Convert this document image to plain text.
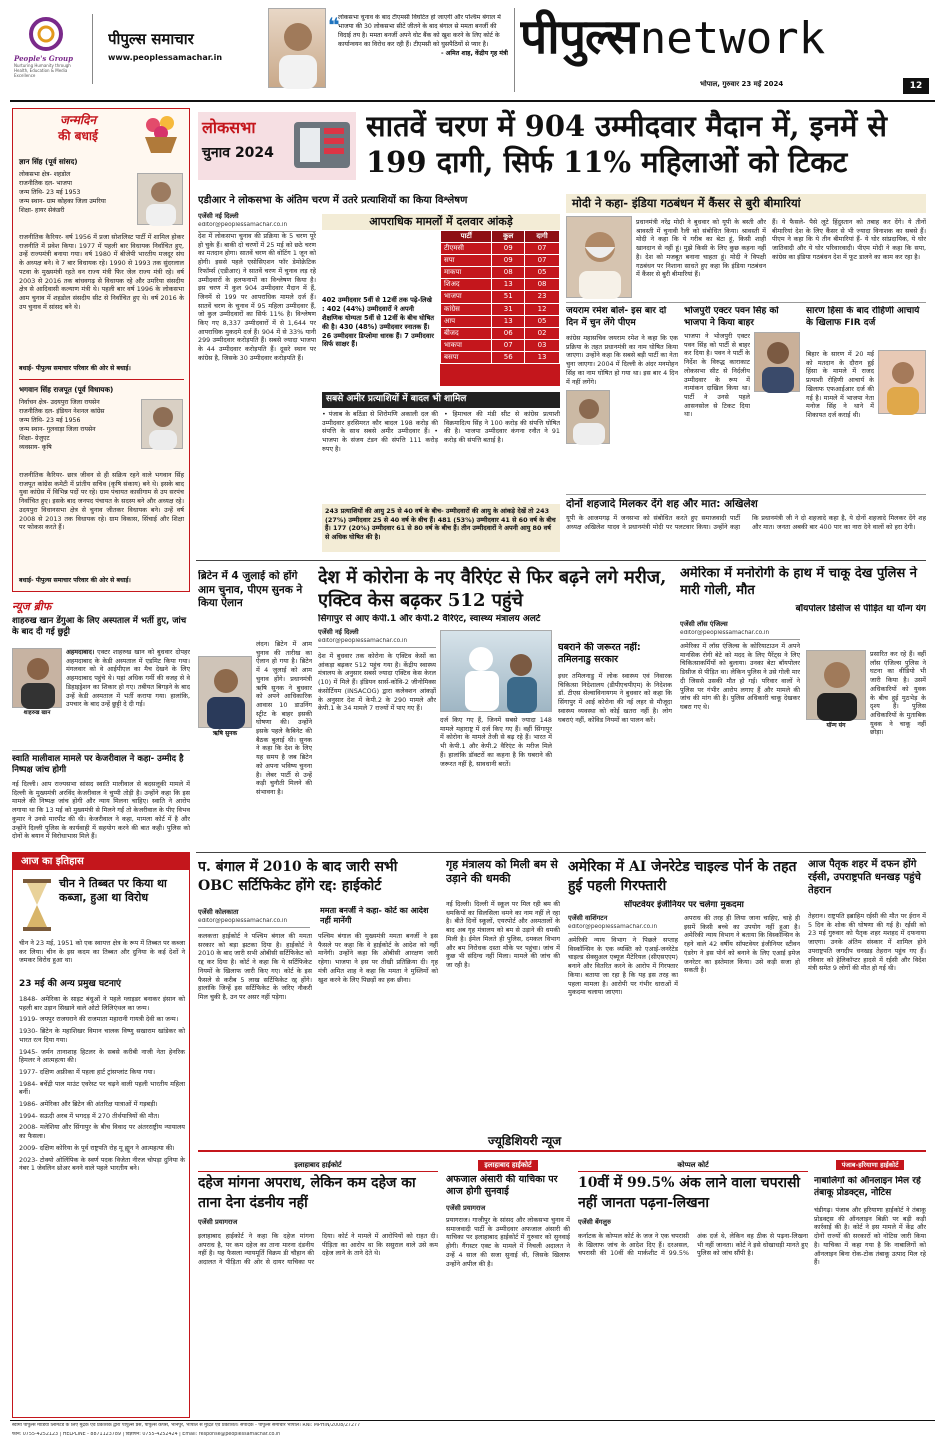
People's Group
Nurturing Humanity through Health, Education & Media Excellence
पीपुल्स समाचार
www.peoplessamachar.in
❝
लोकसभा चुनाव के बाद टीएमसी विघटित हो जाएगी और पश्चिम बंगाल में भाजपा की 30 लोकसभा सीटें जीतने के बाद बंगाल से ममता बनर्जी की विदाई तय है। ममता बनर्जी अपने वोट बैंक को खुश करने के लिए कोर्ट के कार्यान्वयन का विरोध कर रही हैं। टीएमसी को घुसपैठियों से प्यार है।
- अमित शाह, केंद्रीय गृह मंत्री पीपुल्स network
भोपाल, गुरुवार 23 मई 2024	12
जन्मदिन
की बधाई
ज्ञान सिंह (पूर्व सांसद)
लोकसभा क्षेत्र- शहडोल
राजनीतिक दल- भाजपा
जन्म तिथि- 23 मई 1953
जन्म स्थान- ग्राम कोहका जिला उमरिया
शिक्षा- हायर सेकंडरी
राजनीतिक कैरियर- वर्ष 1956 में प्रजा सोशलिस्ट पार्टी में शामिल होकर राजनीति में प्रवेश किया। 1977 में पहली बार विधायक निर्वाचित हुए, उन्हें राज्यमंत्री बनाया गया। वर्ष 1980 में बीजेपी भारतीय मजदूर संघ के अध्यक्ष बने। वे 7 बार विधायक रहे। 1990 से 1993 तक सुंदरलाल पटवा के मुख्यमंत्री रहते वन राज्य मंत्री फिर जेल राज्य मंत्री रहे। वर्ष 2003 से 2016 तक बांधवगढ़ से विधायक रहे और उमरिया संसदीय क्षेत्र से आदिवासी कल्याण मंत्री थे। पहली बार वर्ष 1996 के लोकसभा आम चुनाव में शहडोल संसदीय सीट से निर्वाचित हुए थे। वर्ष 2016 के उप चुनाव में सांसद बने थे।
बधाई- पीपुल्स समाचार परिवार की ओर से बधाई।
भगवान सिंह राजपूत (पूर्व विधायक)
निर्वाचन क्षेत्र- उदयपुरा जिला रायसेन
राजनीतिक दल- इंडियन नेशनल कांग्रेस
जन्म तिथि- 23 मई 1956
जन्म स्थान- गुलवाड़ा जिला रायसेन
शिक्षा- ग्रेजुएट
व्यवसाय- कृषि
राजनीतिक कैरियर- छात्र जीवन से ही सक्रिय रहने वाले भगवान सिंह राजपूत कांग्रेस कमेटी में प्रांतीय सचिव (कृषि संकाय) बने थे। इसके बाद युवा कांग्रेस में विभिन्न पदों पर रहे। ग्राम पंचायत कासीगाम से उप सरपंच निर्वाचित हुए। इसके बाद जनपद पंचायत के सदस्य बने और अध्यक्ष रहे। उदयपुरा विधानसभा क्षेत्र से चुनाव जीतकर विधायक बने। उन्हें वर्ष 2008 से 2013 तक विधायक रहे। ग्राम विकास, सिंचाई और शिक्षा पर फोकस करते हैं।
बधाई- पीपुल्स समाचार परिवार की ओर से बधाई।
न्यूज ब्रीफ
शाहरुख खान डेंगुआ के लिए अस्पताल में भर्ती हुए, जांच के बाद दी गई छुट्टी
शाहरुख खान
अहमदाबाद। एक्टर शाहरुख खान को बुधवार दोपहर अहमदाबाद के केडी अस्पताल में एडमिट किया गया। मंगलवार को वे आईपीएल का मैच देखने के लिए अहमदाबाद पहुंचे थे। यहां अधिक गर्मी की वजह से वे डिहाइड्रेशन का शिकार हो गए। तबीयत बिगड़ने के बाद उन्हें केडी अस्पताल में भर्ती कराया गया। हालांकि, उपचार के बाद उन्हें छुट्टी दे दी गई।
स्वाति मालीवाल मामले पर केजरीवाल ने कहा- उम्मीद है निष्पक्ष जांच होगी
नई दिल्ली। आप राज्यसभा सांसद स्वाति मालीवाल से बदसलूकी मामले में दिल्ली के मुख्यमंत्री अरविंद केजरीवाल ने चुप्पी तोड़ी है। उन्होंने कहा कि इस मामले की निष्पक्ष जांच होगी और न्याय मिलना चाहिए। स्वाति ने आरोप लगाया था कि 13 मई को मुख्यमंत्री से मिलने गईं तो केजरीवाल के पीए विभव कुमार ने उनसे मारपीट की थी। केजरीवाल ने कहा, मामला कोर्ट में है और उन्होंने दिल्ली पुलिस के कार्यवाही में सहयोग करने की बात कही। पुलिस को दोनों के बयान में विरोधाभास मिले हैं।
आज का इतिहास
चीन ने तिब्बत पर किया था कब्जा, हुआ था विरोध
चीन ने 23 मई, 1951 को एक स्वायत्त क्षेत्र के रूप में तिब्बत पर कब्जा कर लिया। चीन के इस कदम का तिब्बत और दुनिया के कई देशों ने जमकर विरोध हुआ था।
23 मई की अन्य प्रमुख घटनाएं
1848- अमेरिका के साइट बंधुओं ने पहले ग्लाइडर बनाकर इंसान को पहली बार उड़ान सिखाने वाले ओटो लिलिएंथल का जन्म।
1919- जयपुर राजघराने की राजमाता महारानी गायत्री देवी का जन्म।
1930- ब्रिटेन के महाशिखर विमान चालक विष्णु सखाराम खांडेकर को भारत रत्न दिया गया।
1945- जर्मन तानाशाह हिटलर के सबसे करीबी नाजी नेता हेनरिक हिमलर ने आत्महत्या की।
1977- दक्षिण अफ्रीका में पहला हार्ट ट्रांसप्लांट किया गया।
1984- बचेंद्री पाल माउंट एवरेस्ट पर चढ़ने वाली पहली भारतीय महिला बनीं।
1986- अमेरिका और ब्रिटेन की अंतरिक्ष यात्राओं में गड़बड़ी।
1994- सऊदी अरब में भगदड़ में 270 तीर्थयात्रियों की मौत।
2008- मलेशिया और सिंगापुर के बीच विवाद पर अंतरराष्ट्रीय न्यायालय का फैसला।
2009- दक्षिण कोरिया के पूर्व राष्ट्रपति रोह मू ह्यून ने आत्महत्या की।
2023- टोक्यो ओलिंपिक के स्वर्ण पदक विजेता नीरज चोपड़ा दुनिया के नंबर 1 जेवलिन थ्रोअर बनने वाले पहले भारतीय बने।
लोकसभा
चुनाव 2024
सातवें चरण में 904 उम्मीदवार मैदान में, इनमें से 199 दागी, सिर्फ 11% महिलाओं को टिकट
एडीआर ने लोकसभा के अंतिम चरण में उतरे प्रत्याशियों का किया विश्लेषण
एजेंसी नई दिल्ली
editor@peoplessamachar.co.in
देश में लोकसभा चुनाव की प्रक्रिया के 5 चरण पूरे हो चुके हैं। बाकी दो चरणों में 25 मई को छठे चरण का मतदान होगा। सातवें चरण की वोटिंग 1 जून को होगी। इससे पहले एसोसिएशन फॉर डेमोक्रेटिक रिफॉर्म्स (एडीआर) ने सातवें चरण में चुनाव लड़ रहे उम्मीदवारों के हलफनामों का विश्लेषण किया है। इस चरण में कुल 904 उम्मीदवार मैदान में हैं, जिनमें से 199 पर आपराधिक मामले दर्ज हैं। सातवें चरण के चुनाव में 95 महिला उम्मीदवार हैं, जो कुल उम्मीदवारों का सिर्फ 11% है। विश्लेषण किए गए 8,337 उम्मीदवारों में से 1,644 पर आपराधिक मुकदमे दर्ज हैं। 904 में से 33% यानी 299 उम्मीदवार करोड़पति हैं। सबसे ज्यादा भाजपा के 44 उम्मीदवार करोड़पति हैं। दूसरे स्थान पर कांग्रेस है, जिसके 30 उम्मीदवार करोड़पति हैं।
आपराधिक मामलों में दलवार आंकड़े
पार्टी	कुल	दागी
टीएमसी	09	07
सपा	09	07
माकपा	08	05
शिअद	13	08
भाजपा	51	23
कांग्रेस	31	12
आप	13	05
बीजद	06	02
भाकपा	07	03
बसपा	56	13
402 उम्मीदवार 5वीं से 12वीं तक पढ़े-लिखे : 402 (44%) उम्मीदवारों ने अपनी शैक्षणिक योग्यता 5वीं से 12वीं के बीच घोषित की है। 430 (48%) उम्मीदवार स्नातक हैं। 26 उम्मीदवार डिप्लोमा धारक हैं। 7 उम्मीदवार सिर्फ साक्षर हैं।
सबसे अमीर प्रत्याशियों में बादल भी शामिल
• पंजाब के बठिंडा से शिरोमणि अकाली दल की उम्मीदवार हरसिमरत कौर बादल 198 करोड़ की संपत्ति के साथ सबसे अमीर उम्मीदवार हैं। • भाजपा के संजय टंडन की संपत्ति 111 करोड़ रुपए है।
• हिमाचल की मंडी सीट से कांग्रेस प्रत्याशी विक्रमादित्य सिंह ने 100 करोड़ की संपत्ति घोषित की है। भाजपा उम्मीदवार कंगना रनौत ने 91 करोड़ की संपत्ति बताई है।
243 प्रत्याशियों की आयु 25 से 40 वर्ष के बीच- उम्मीदवारों की आयु के आंकड़े देखें तो 243 (27%) उम्मीदवार 25 से 40 वर्ष के बीच हैं। 481 (53%) उम्मीदवार 41 से 60 वर्ष के बीच हैं। 177 (20%) उम्मीदवार 61 से 80 वर्ष के बीच हैं। तीन उम्मीदवारों ने अपनी आयु 80 वर्ष से अधिक घोषित की है।
मोदी ने कहा- इंडिया गठबंधन में कैंसर से बुरी बीमारियां
प्रधानमंत्री नरेंद्र मोदी ने बुधवार को यूपी के बस्ती और श्रावस्ती में चुनावी रैली को संबोधित किया। श्रावस्ती में मोदी ने कहा कि ये गरीब का बेटा हूं, किसी शाही खानदान से नहीं हूं। मुझे किसी के लिए कुछ कहना नहीं है। देश को मजबूत बनाना चाहता हूं। मोदी ने विपक्षी गठबंधन पर निशाना साधते हुए कहा कि इंडिया गठबंधन में कैंसर से बुरी बीमारियां हैं।
हैं। ये फैसले- पैसे लूटे हिंदुस्तान को तबाह कर देंगे। ये तीनों बीमारियां देश के लिए कैंसर से भी ज्यादा विनाशक का सबसे हैं। पीएम ने कहा कि ये तीन बीमारियां हैं- ये घोर सांप्रदायिक, ये घोर जातिवादी और ये घोर परिवारवादी। पीएम मोदी ने कहा कि सपा, कांग्रेस का इंडिया गठबंधन देश में फूट डालने का काम कर रहा है।
जयराम रमेश बोले- इस बार दो दिन में चुन लेंगे पीएम
कांग्रेस महासचिव जयराम रमेश ने कहा कि एक प्रक्रिया के तहत प्रधानमंत्री का नाम घोषित किया जाएगा। उन्होंने कहा कि सबसे बड़ी पार्टी का नेता चुना जाएगा। 2004 में दिल्ली के अंदर मनमोहन सिंह का नाम घोषित हो गया था। इस बार 4 दिन में नहीं लगेंगे।
भोजपुरी एक्टर पवन सिंह को भाजपा ने किया बाहर
भाजपा ने भोजपुरी एक्टर पवन सिंह को पार्टी से बाहर कर दिया है। पवन ने पार्टी के निर्देश के विरुद्ध काराकाट लोकसभा सीट से निर्दलीय उम्मीदवार के रूप में नामांकन दाखिल किया था। पार्टी ने उनसे पहले आसनसोल से टिकट दिया था।
सारण हिंसा के बाद रोहिणी आचार्य के खिलाफ FIR दर्ज
बिहार के सारण में 20 मई को मतदान के दौरान हुई हिंसा के मामले में राजद प्रत्याशी रोहिणी आचार्य के खिलाफ एफआईआर दर्ज की गई है। मामले में भाजपा नेता मनोज सिंह ने थाने में शिकायत दर्ज कराई थी।
दोनों शहजादे मिलकर देंगे शह और मात: अखिलेश
यूपी के आजमगढ़ में जनसभा को संबोधित करते हुए समाजवादी पार्टी अध्यक्ष अखिलेश यादव ने प्रधानमंत्री मोदी पर पलटवार किया। उन्होंने कहा कि प्रधानमंत्री जी ने दो शहजादे कहा है, ये दोनों शहजादे मिलकर देंगे शह और मात। जनता अबकी बार 400 पार का नारा देने वालों को हरा देगी।
ब्रिटेन में 4 जुलाई को होंगे आम चुनाव, पीएम सुनक ने किया ऐलान
ऋषि सुनक
लंदन। ब्रिटेन में आम चुनाव की तारीख का ऐलान हो गया है। ब्रिटेन में 4 जुलाई को आम चुनाव होंगे। प्रधानमंत्री ऋषि सुनक ने बुधवार को अपने आधिकारिक आवास 10 डाउनिंग स्ट्रीट के बाहर इसकी घोषणा की। उन्होंने इसके पहले कैबिनेट की बैठक बुलाई थी। सुनक ने कहा कि देश के लिए यह समय है जब ब्रिटेन को अपना भविष्य चुनना है। लेबर पार्टी से उन्हें कड़ी चुनौती मिलने की संभावना है।
देश में कोरोना के नए वैरिएंट से फिर बढ़ने लगे मरीज, एक्टिव केस बढ़कर 512 पहुंचे
सिंगापुर से आए केपी.1 और केपी.2 वैरिएंट, स्वास्थ्य मंत्रालय अलर्ट
एजेंसी नई दिल्ली
editor@peoplessamachar.co.in
देश में बुधवार तक कोरोना के एक्टिव केसों का आंकड़ा बढ़कर 512 पहुंच गया है। केंद्रीय स्वास्थ्य मंत्रालय के अनुसार सबसे ज्यादा एक्टिव केस केरल (10) में मिले हैं। इंडियन सार्स-कोवि-2 जीनोमिक्स कंसोर्टियम (INSACOG) द्वारा कलेक्शन आंकड़ों के अनुसार देश में केपी.2 के 290 मामले और केपी.1 के 34 मामले 7 राज्यों में पाए गए हैं।
दर्ज किए गए हैं, जिनमें सबसे ज्यादा 148 मामले महाराष्ट्र में दर्ज किए गए हैं। वहीं सिंगापुर में कोरोना के मामले तेजी से बढ़ रहे हैं। भारत में भी केपी.1 और केपी.2 वैरिएंट के मरीज मिले हैं। हालांकि डॉक्टरों का कहना है कि घबराने की जरूरत नहीं है, सावधानी बरतें।
घबराने की जरूरत नहीं: तमिलनाडु सरकार
इधर तमिलनाडु में लोक स्वास्थ्य एवं निवारक चिकित्सा निदेशालय (डीपीएचपीएम) के निदेशक डॉ. टीएस सेल्वाविनायगम ने बुधवार को कहा कि सिंगापुर में आई कोरोना की नई लहर से मौजूदा स्वास्थ्य व्यवस्था को कोई खतरा नहीं है। लोग घबराएं नहीं, कोविड नियमों का पालन करें।
अमेरिका में मनोरोगी के हाथ में चाकू देख पुलिस ने मारी गोली, मौत
बॉयपोलर डिसीज से पीड़ित था यॉन्ग यंग
एजेंसी लॉस एंजिल्स
editor@peoplessamachar.co.in
अमेरिका में लॉस एंजिल्स के कोरियाटाउन में अपने मानसिक रोगी बेटे को मदद के लिए पैरेंट्स ने लिए चिकित्साकर्मियों को बुलाया। उनका बेटा बॉयपोलर डिसीज से पीड़ित था। लेकिन पुलिस ने उसे गोली मार दी जिससे उसकी मौत हो गई। परिवार वालों ने पुलिस पर गंभीर आरोप लगाए हैं और मामले की जांच की मांग की है। पुलिस अधिकारी चाकू देखकर घबरा गए थे।
यॉन्ग यंग
प्रसारित कर रहे हैं। वहीं लॉस एंजिल्स पुलिस ने घटना का वीडियो भी जारी किया है। उसमें अधिकारियों को युवक के बीच हुई मुठभेड़ के दृश्य हैं। पुलिस अधिकारियों के मुताबिक युवक ने चाकू नहीं छोड़ा।
प. बंगाल में 2010 के बाद जारी सभी OBC सर्टिफिकेट होंगे रद्द: हाईकोर्ट
एजेंसी कोलकाता
editor@peoplessamachar.co.in
ममता बनर्जी ने कहा- कोर्ट का आदेश नहीं मानेंगी
कलकत्ता हाईकोर्ट ने पश्चिम बंगाल की ममता सरकार को बड़ा झटका दिया है। हाईकोर्ट ने 2010 के बाद जारी सभी ओबीसी सर्टिफिकेट को रद्द कर दिया है। कोर्ट ने कहा कि ये सर्टिफिकेट नियमों के खिलाफ जारी किए गए। कोर्ट के इस फैसले से करीब 5 लाख सर्टिफिकेट रद्द होंगे। हालांकि जिन्हें इस सर्टिफिकेट के जरिए नौकरी मिल चुकी है, उन पर असर नहीं पड़ेगा।
पश्चिम बंगाल की मुख्यमंत्री ममता बनर्जी ने इस फैसले पर कहा कि वे हाईकोर्ट के आदेश को नहीं मानेंगी। उन्होंने कहा कि ओबीसी आरक्षण जारी रहेगा। भाजपा ने इस पर तीखी प्रतिक्रिया दी। गृह मंत्री अमित शाह ने कहा कि ममता ने मुस्लिमों को खुश करने के लिए पिछड़ों का हक छीना।
गृह मंत्रालय को मिली बम से उड़ाने की धमकी
नई दिल्ली। दिल्ली में स्कूल पर मिल रही बम की धमकियों का सिलसिला थमने का नाम नहीं ले रहा है। बीते दिनों स्कूलों, एयरपोर्ट और अस्पतालों के बाद अब गृह मंत्रालय को बम से उड़ाने की धमकी मिली है। ईमेल मिलते ही पुलिस, दमकल विभाग और बम निरोधक दस्ता मौके पर पहुंचा। जांच में कुछ भी संदिग्ध नहीं मिला। मामले की जांच की जा रही है।
अमेरिका में AI जेनरेटेड चाइल्ड पोर्न के तहत हुई पहली गिरफ्तारी
सॉफ्टवेयर इंजीनियर पर चलेगा मुकदमा
एजेंसी वाशिंगटन
editor@peoplessamachar.co.in
अमेरिकी न्याय विभाग ने पिछले सप्ताह विस्कॉन्सिन के एक व्यक्ति को एआई-जनरेटेड चाइल्ड सेक्सुअल एब्यूज मैटेरियल (सीएसएएम) बनाने और वितरित करने के आरोप में गिरफ्तार किया। बताया जा रहा है कि यह इस तरह का पहला मामला है। आरोपी पर गंभीर धाराओं में मुकदमा चलाया जाएगा।
अपराध की तरह ही लिया जाना चाहिए, चाहे ही इसमें किसी बच्चे का उपयोग नहीं हुआ है। अमेरिकी न्याय विभाग ने बताया कि विस्कॉन्सिन के रहने वाले 42 वर्षीय सॉफ्टवेयर इंजीनियर स्टीवन एंडरेग ने इस पोर्न को बनाने के लिए एआई इमेज जनरेटर का इस्तेमाल किया। उसे कड़ी सजा हो सकती है।
आज पैतृक शहर में दफन होंगे रईसी, उपराष्ट्रपति धनखड़ पहुंचे तेहरान
तेहरान। राष्ट्रपति इब्राहिम रईसी की मौत पर ईरान में 5 दिन के शोक की घोषणा की गई है। रईसी को 23 मई गुरुवार को पैतृक शहर मशहद में दफनाया जाएगा। उनके अंतिम संस्कार में शामिल होने उपराष्ट्रपति जगदीप धनखड़ तेहरान पहुंच गए हैं। रविवार को हेलिकॉप्टर हादसे में रईसी और विदेश मंत्री समेत 9 लोगों की मौत हो गई थी।
ज्यूडिशियरी न्यूज
इलाहाबाद हाईकोर्ट
दहेज मांगना अपराध, लेकिन कम दहेज का ताना देना दंडनीय नहीं
एजेंसी प्रयागराज
इलाहाबाद हाईकोर्ट ने कहा कि दहेज मांगना अपराध है, पर कम दहेज का ताना मारना दंडनीय नहीं है। यह फैसला न्यायमूर्ति विक्रम डी चौहान की अदालत ने पीड़िता की ओर से दायर याचिका पर दिया। कोर्ट ने मामले में आरोपियों को राहत दी। पीड़िता का आरोप था कि ससुराल वाले उसे कम दहेज लाने के ताने देते थे।
इलाहाबाद हाईकोर्ट
अफजाल अंसारी की याचिका पर आज होगी सुनवाई
एजेंसी प्रयागराज
प्रयागराज। गाजीपुर के सांसद और लोकसभा चुनाव में समाजवादी पार्टी के उम्मीदवार अफजाल अंसारी की याचिका पर इलाहाबाद हाईकोर्ट में गुरुवार को सुनवाई होगी। गैंगस्टर एक्ट के मामले में निचली अदालत ने उन्हें 4 साल की सजा सुनाई थी, जिसके खिलाफ उन्होंने अपील की है।
कोप्पल कोर्ट
10वीं में 99.5% अंक लाने वाला चपरासी नहीं जानता पढ़ना-लिखना
एजेंसी बेंगलुरु
कर्नाटक के कोप्पल कोर्ट के जज ने एक चपरासी के खिलाफ जांच के आदेश दिए हैं। दरअसल, चपरासी की 10वीं की मार्कशीट में 99.5% अंक दर्ज थे, लेकिन वह ठीक से पढ़ना-लिखना भी नहीं जानता। कोर्ट ने इसे धोखाधड़ी मानते हुए पुलिस को जांच सौंपी है।
पंजाब-हरियाणा हाईकोर्ट
नाबालिगों को ऑनलाइन मिल रहे तंबाकू प्रोडक्ट्स, नोटिस
चंडीगढ़। पंजाब और हरियाणा हाईकोर्ट ने तंबाकू प्रोडक्ट्स की ऑनलाइन बिक्री पर बड़ी कड़ी कार्रवाई की है। कोर्ट ने इस मामले में केंद्र और दोनों राज्यों की सरकारों को नोटिस जारी किया है। याचिका में कहा गया है कि नाबालिगों को ऑनलाइन बिना रोक-टोक तंबाकू उत्पाद मिल रहे हैं।
स्वामी पीपुल्स मीडिया लिमिटेड के लिए मुद्रक एवं प्रकाशक द्वारा पीपुल्स प्रेस, पीपुल्स कैंपस, भानपुर, भोपाल से मुद्रित एवं प्रकाशित। संपादक - पीपुल्स समाचार भोपाल। RNI: MPHIN/2008/27277
फोन: 0755-4252123 | HELPLINE - 8871123789 | विज्ञापन: 0755-4252424 | Email: response@peoplessamachar.co.in
